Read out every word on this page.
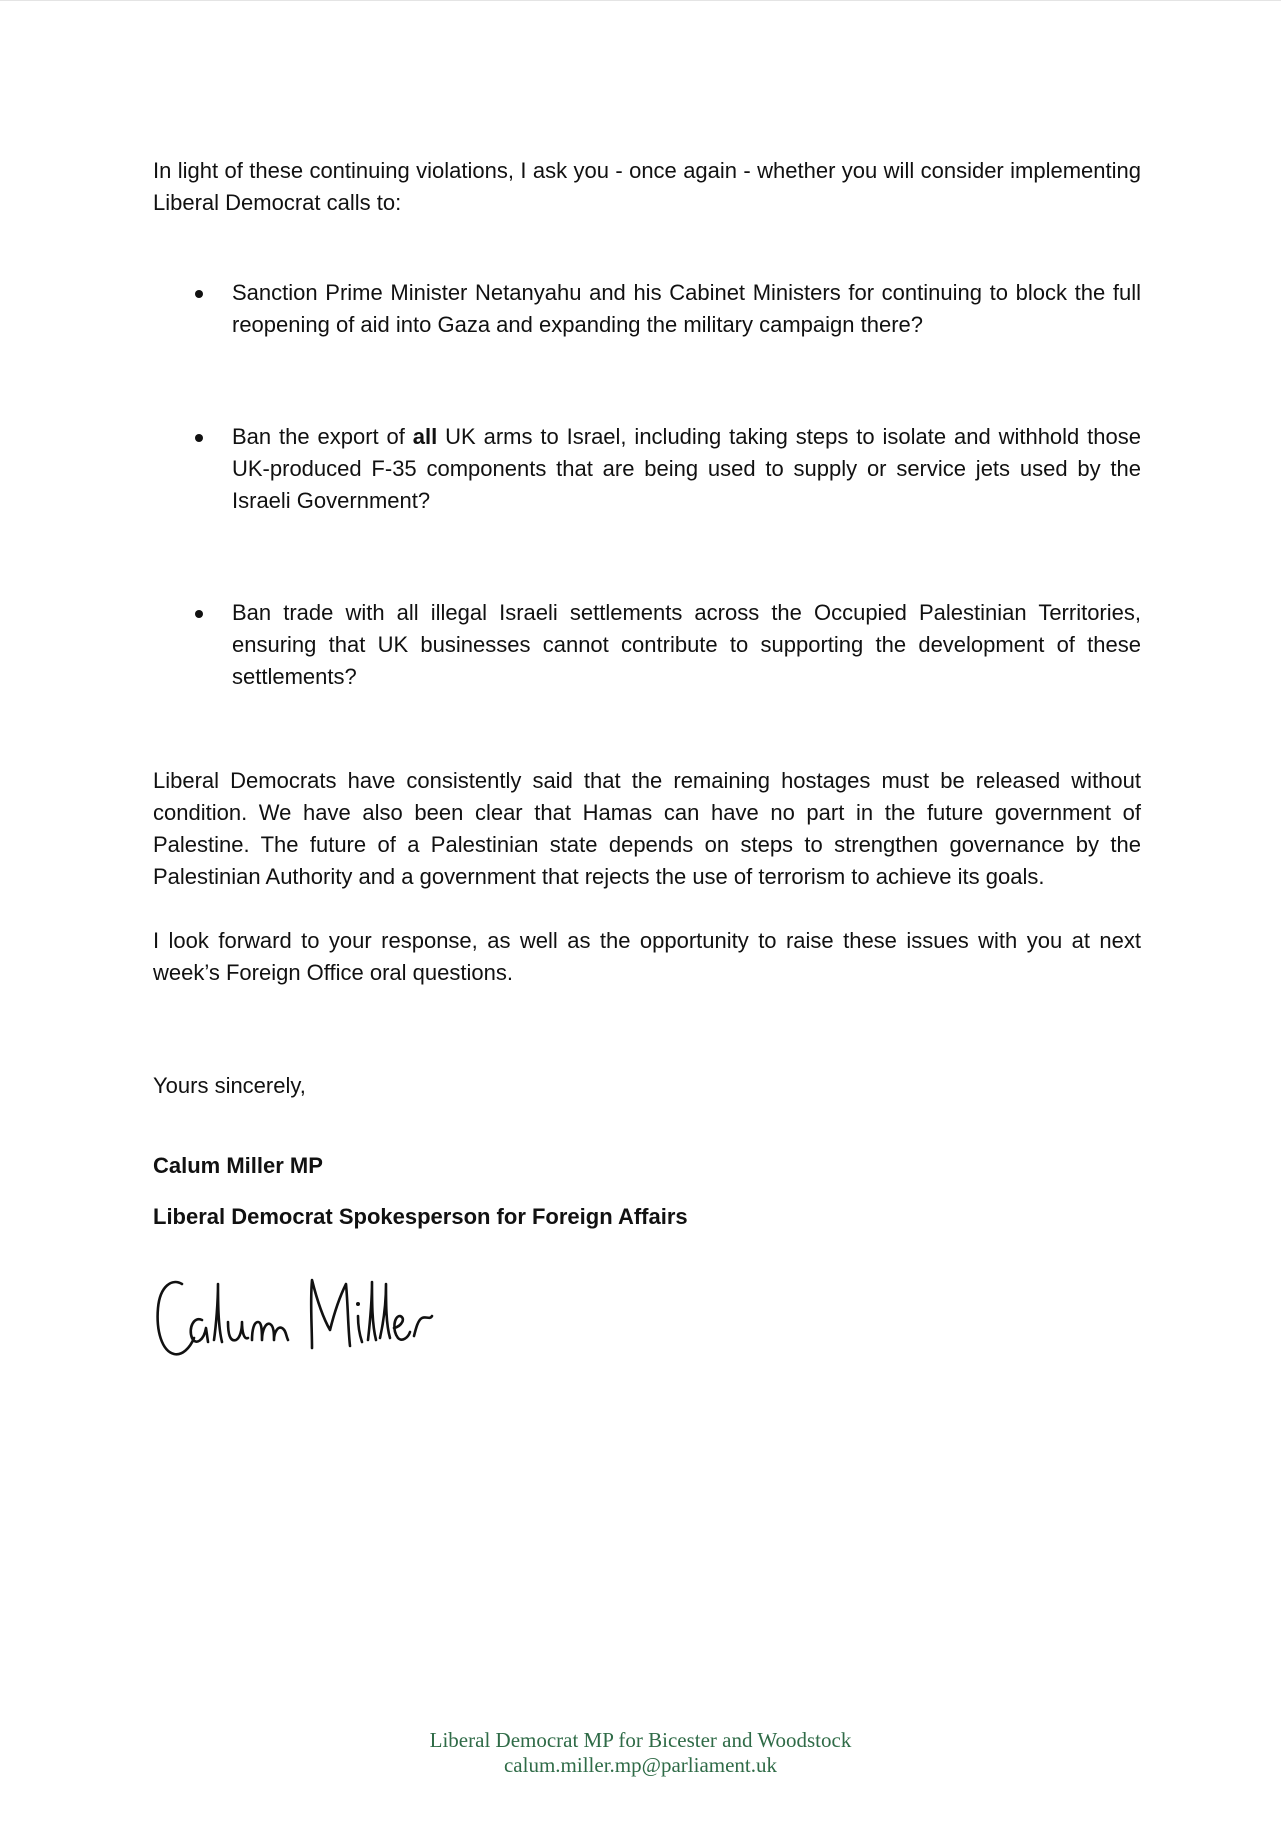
In light of these continuing violations, I ask you - once again - whether you will consider implementing Liberal Democrat calls to:

Sanction Prime Minister Netanyahu and his Cabinet Ministers for continuing to block the full reopening of aid into Gaza and expanding the military campaign there?

Ban the export of all UK arms to Israel, including taking steps to isolate and withhold those UK-produced F-35 components that are being used to supply or service jets used by the Israeli Government?

Ban trade with all illegal Israeli settlements across the Occupied Palestinian Territories, ensuring that UK businesses cannot contribute to supporting the development of these settlements?

Liberal Democrats have consistently said that the remaining hostages must be released without condition. We have also been clear that Hamas can have no part in the future government of Palestine. The future of a Palestinian state depends on steps to strengthen governance by the Palestinian Authority and a government that rejects the use of terrorism to achieve its goals.

I look forward to your response, as well as the opportunity to raise these issues with you at next week’s Foreign Office oral questions.

Yours sincerely,

Calum Miller MP

Liberal Democrat Spokesperson for Foreign Affairs

Liberal Democrat MP for Bicester and Woodstock
calum.miller.mp@parliament.uk
